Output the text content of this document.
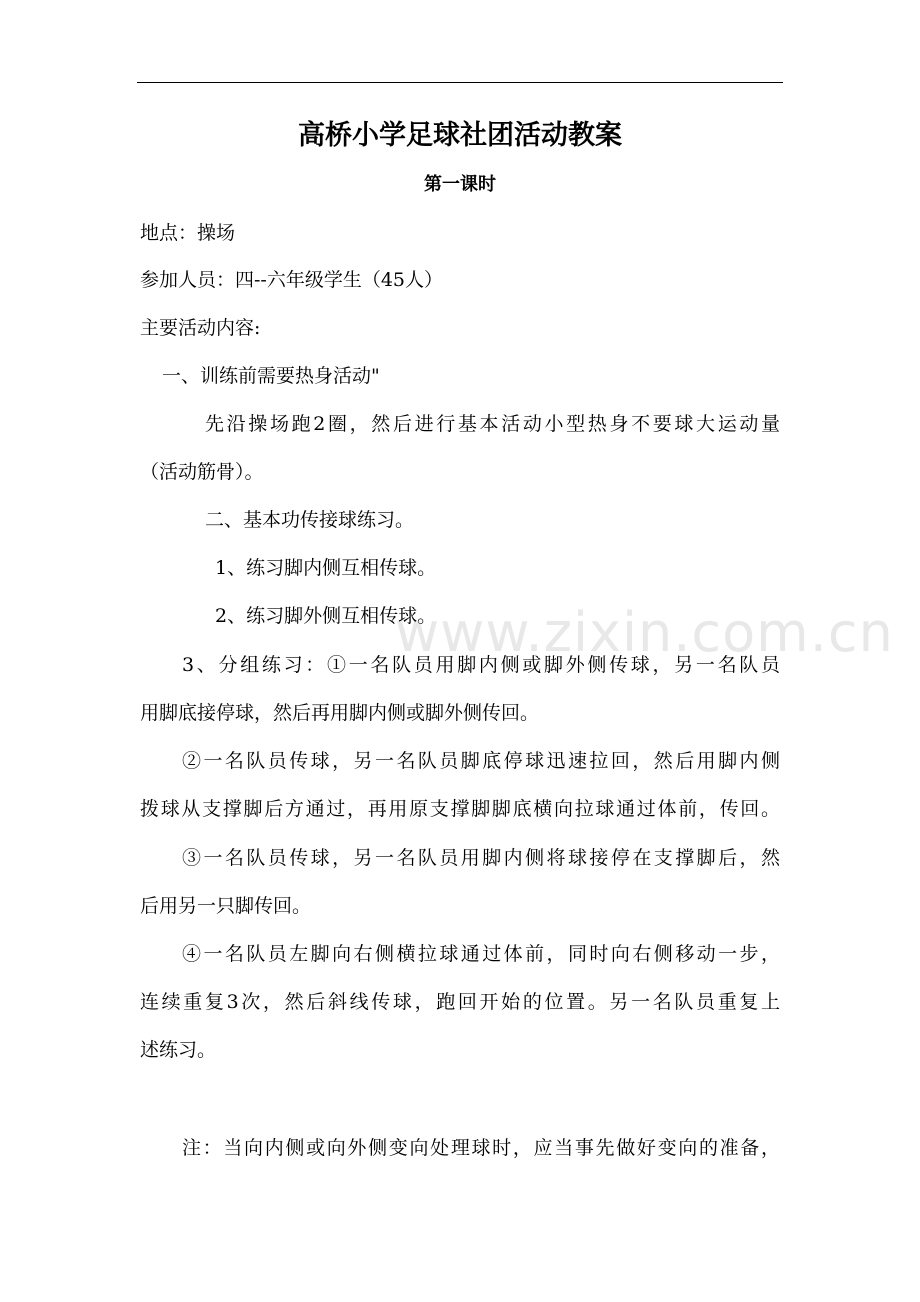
高桥小学足球社团活动教案
第一课时
地点：操场
参加人员：四--六年级学生（45人）
主要活动内容:
一、训练前需要热身活动"
先沿操场跑2圈，然后进行基本活动小型热身不要球大运动量
（活动筋骨）。
二、基本功传接球练习。
1、练习脚内侧互相传球。
2、练习脚外侧互相传球。
3、分组练习：①一名队员用脚内侧或脚外侧传球，另一名队员
用脚底接停球，然后再用脚内侧或脚外侧传回。
②一名队员传球，另一名队员脚底停球迅速拉回，然后用脚内侧
拨球从支撑脚后方通过，再用原支撑脚脚底横向拉球通过体前，传回。
③一名队员传球，另一名队员用脚内侧将球接停在支撑脚后，然
后用另一只脚传回。
④一名队员左脚向右侧横拉球通过体前，同时向右侧移动一步，
连续重复3次，然后斜线传球，跑回开始的位置。另一名队员重复上
述练习。
注：当向内侧或向外侧变向处理球时，应当事先做好变向的准备，
www.zixin.com.cn
